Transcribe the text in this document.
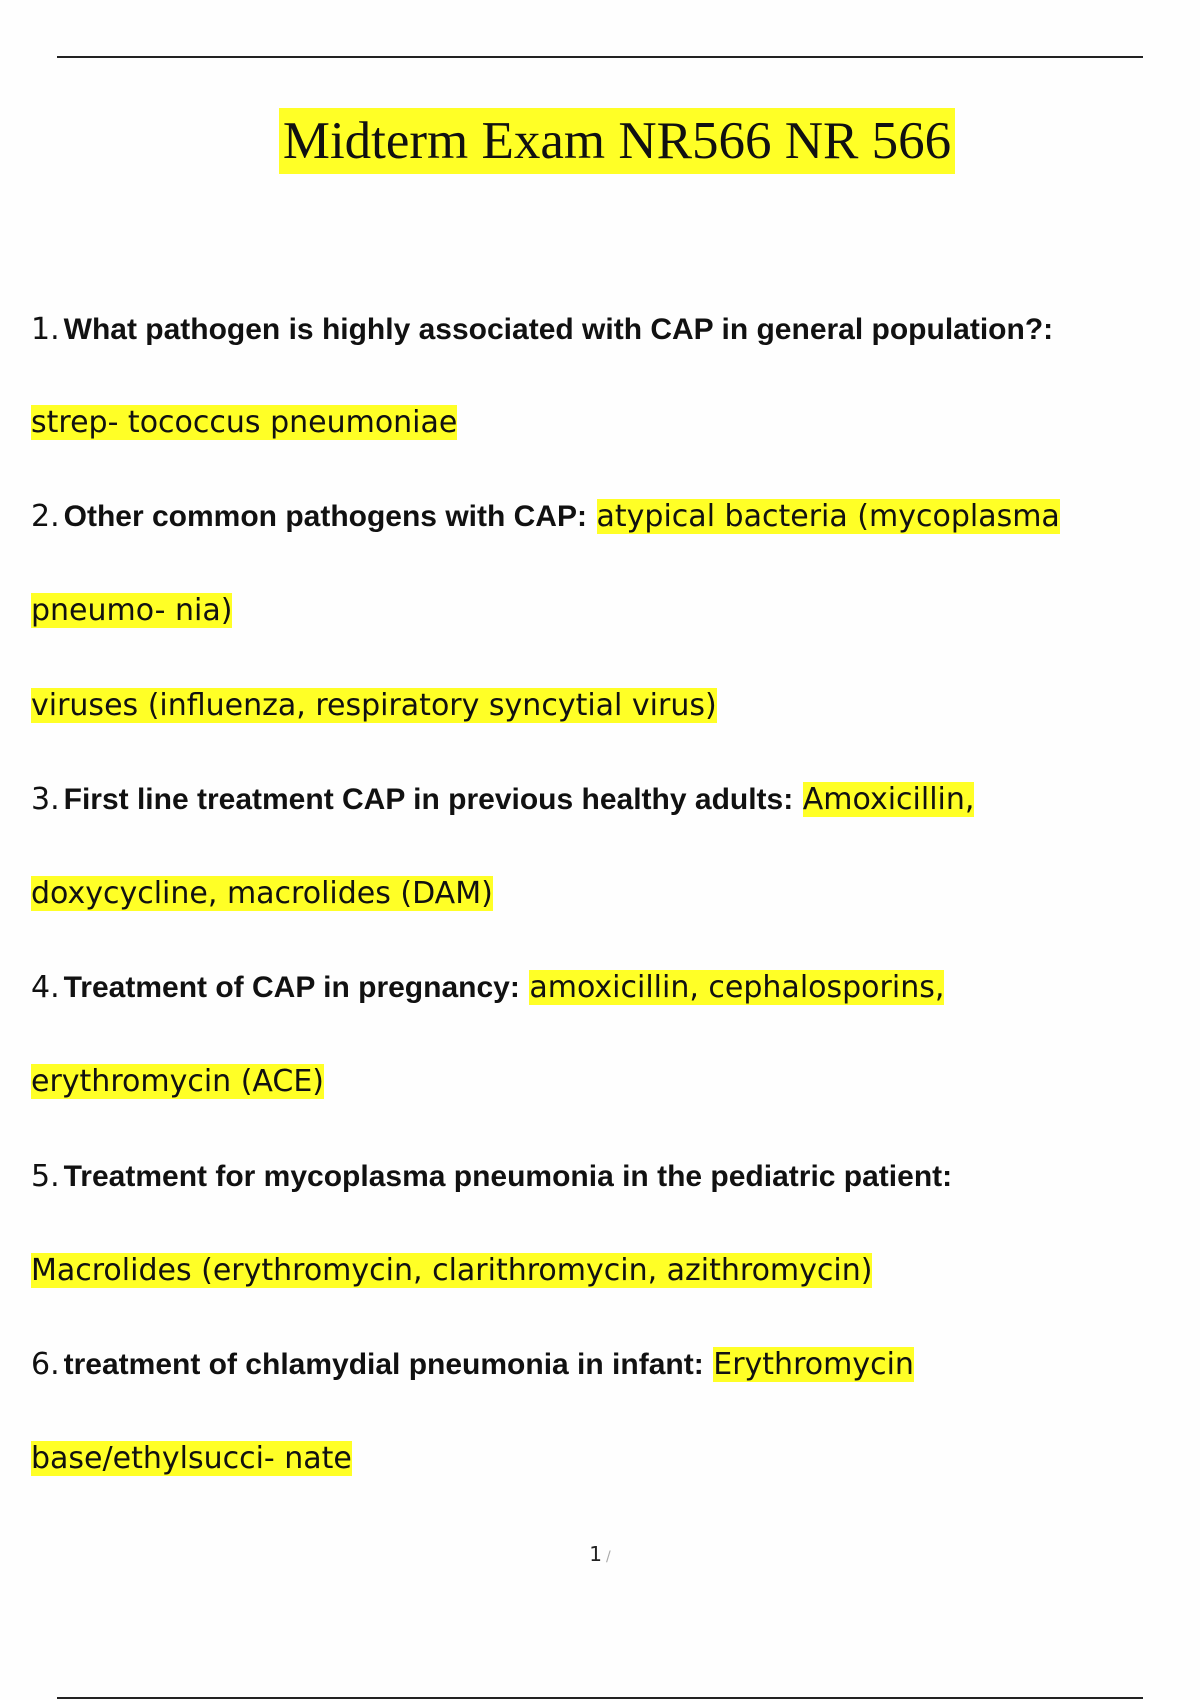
Midterm Exam NR566 NR 566
1. What pathogen is highly associated with CAP in general population?:
strep- tococcus pneumoniae
2. Other common pathogens with CAP: atypical bacteria (mycoplasma
pneumo- nia)
viruses (influenza, respiratory syncytial virus)
3. First line treatment CAP in previous healthy adults: Amoxicillin,
doxycycline, macrolides (DAM)
4. Treatment of CAP in pregnancy: amoxicillin, cephalosporins,
erythromycin (ACE)
5. Treatment for mycoplasma pneumonia in the pediatric patient:
Macrolides (erythromycin, clarithromycin, azithromycin)
6. treatment of chlamydial pneumonia in infant: Erythromycin
base/ethylsucci- nate
1 /
